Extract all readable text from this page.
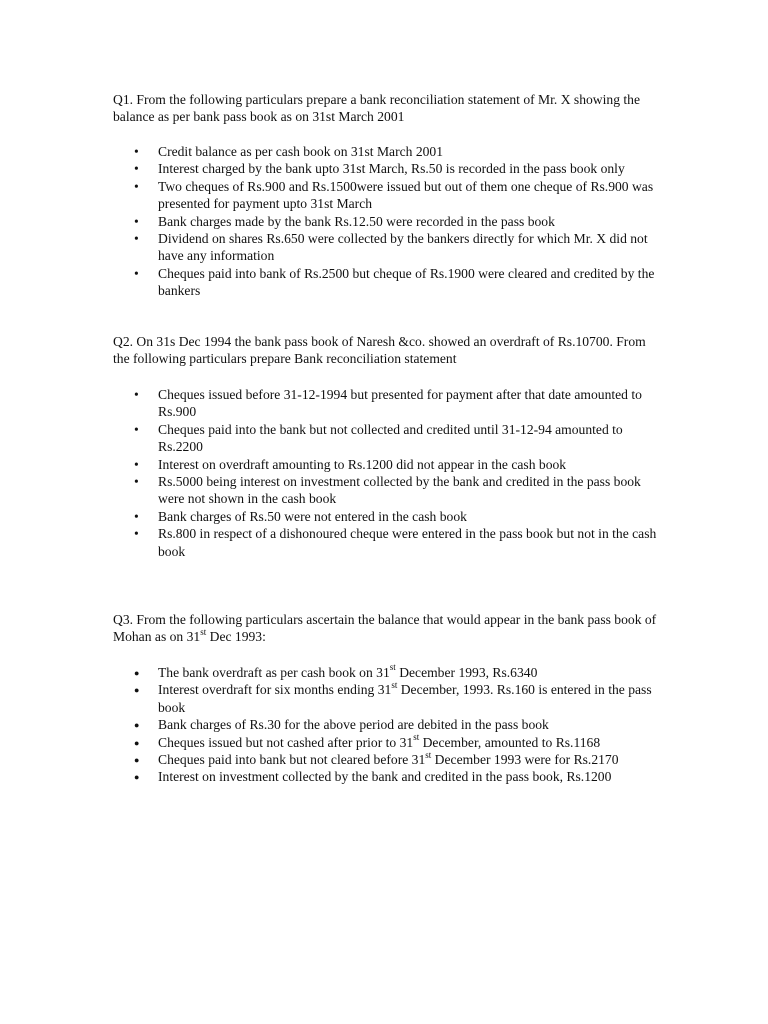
Q1. From the following particulars prepare a bank reconciliation statement of Mr. X showing the balance as per bank pass book as on 31st March 2001

• Credit balance as per cash book on 31st March 2001
• Interest charged by the bank upto 31st March, Rs.50 is recorded in the pass book only
• Two cheques of Rs.900 and Rs.1500were issued but out of them one cheque of Rs.900 was presented for payment upto 31st March
• Bank charges made by the bank Rs.12.50 were recorded in the pass book
• Dividend on shares Rs.650 were collected by the bankers directly for which Mr. X did not have any information
• Cheques paid into bank of Rs.2500 but cheque of Rs.1900 were cleared and credited by the bankers

Q2. On 31s Dec 1994 the bank pass book of Naresh &co. showed an overdraft of Rs.10700. From the following particulars prepare Bank reconciliation statement

• Cheques issued before 31-12-1994 but presented for payment after that date amounted to Rs.900
• Cheques paid into the bank but not collected and credited until 31-12-94 amounted to Rs.2200
• Interest on overdraft amounting to Rs.1200 did not appear in the cash book
• Rs.5000 being interest on investment collected by the bank and credited in the pass book were not shown in the cash book
• Bank charges of Rs.50 were not entered in the cash book
• Rs.800 in respect of a dishonoured cheque were entered in the pass book but not in the cash book

Q3. From the following particulars ascertain the balance that would appear in the bank pass book of Mohan as on 31st Dec 1993:

● The bank overdraft as per cash book on 31st December 1993, Rs.6340
● Interest overdraft for six months ending 31st December, 1993. Rs.160 is entered in the pass book
● Bank charges of Rs.30 for the above period are debited in the pass book
● Cheques issued but not cashed after prior to 31st December, amounted to Rs.1168
● Cheques paid into bank but not cleared before 31st December 1993 were for Rs.2170
● Interest on investment collected by the bank and credited in the pass book, Rs.1200
